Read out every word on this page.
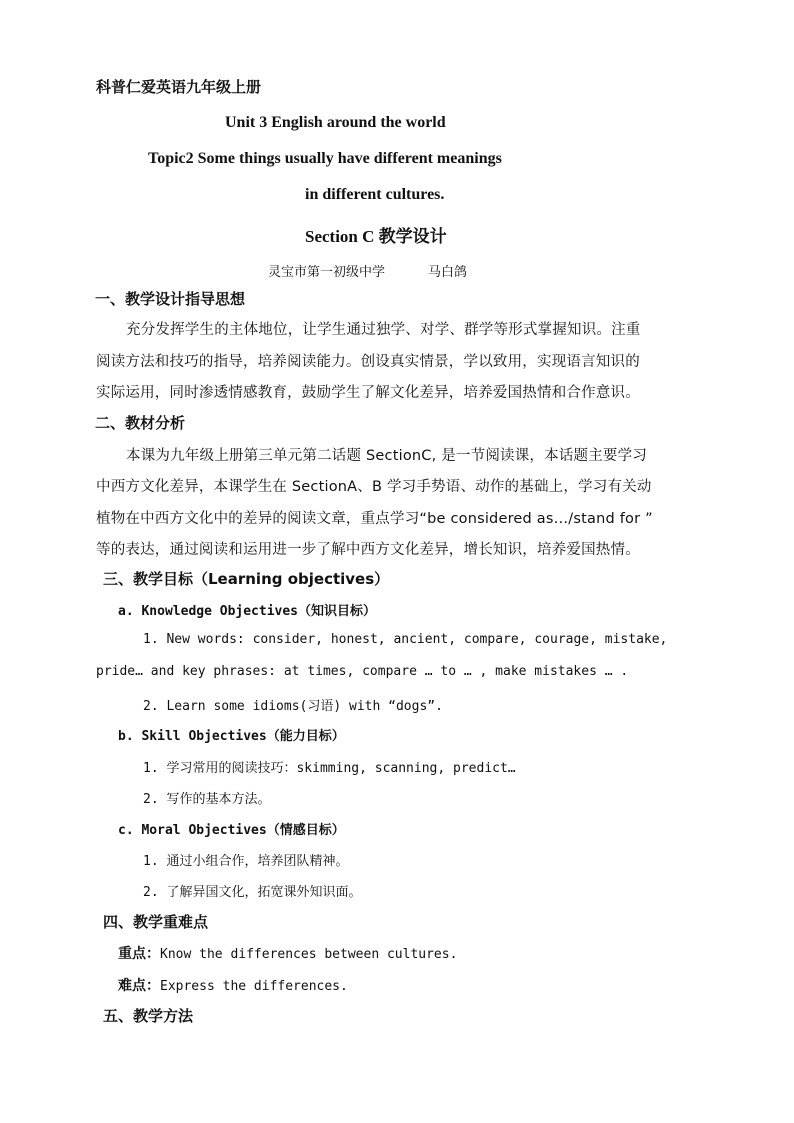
科普仁爱英语九年级上册
Unit 3 English around the world
Topic2 Some things usually have different meanings
in different cultures.
Section C 教学设计
灵宝市第一初级中学	马白鸽
一、教学设计指导思想
充分发挥学生的主体地位，让学生通过独学、对学、群学等形式掌握知识。注重
阅读方法和技巧的指导，培养阅读能力。创设真实情景，学以致用，实现语言知识的
实际运用，同时渗透情感教育，鼓励学生了解文化差异，培养爱国热情和合作意识。
二、教材分析
本课为九年级上册第三单元第二话题 SectionC, 是一节阅读课，本话题主要学习
中西方文化差异，本课学生在 SectionA、B 学习手势语、动作的基础上，学习有关动
植物在中西方文化中的差异的阅读文章，重点学习“be considered as…/stand for ”
等的表达，通过阅读和运用进一步了解中西方文化差异，增长知识，培养爱国热情。
三、教学目标（Learning objectives）
a. Knowledge Objectives（知识目标）
1. New words: consider, honest, ancient, compare, courage, mistake,
pride… and key phrases: at times, compare … to … , make mistakes … .
2. Learn some idioms(习语) with “dogs”.
b. Skill Objectives（能力目标）
1. 学习常用的阅读技巧：skimming, scanning, predict…
2. 写作的基本方法。
c. Moral Objectives（情感目标）
1. 通过小组合作，培养团队精神。
2. 了解异国文化，拓宽课外知识面。
四、教学重难点
重点：Know the differences between cultures.
难点：Express the differences.
五、教学方法
